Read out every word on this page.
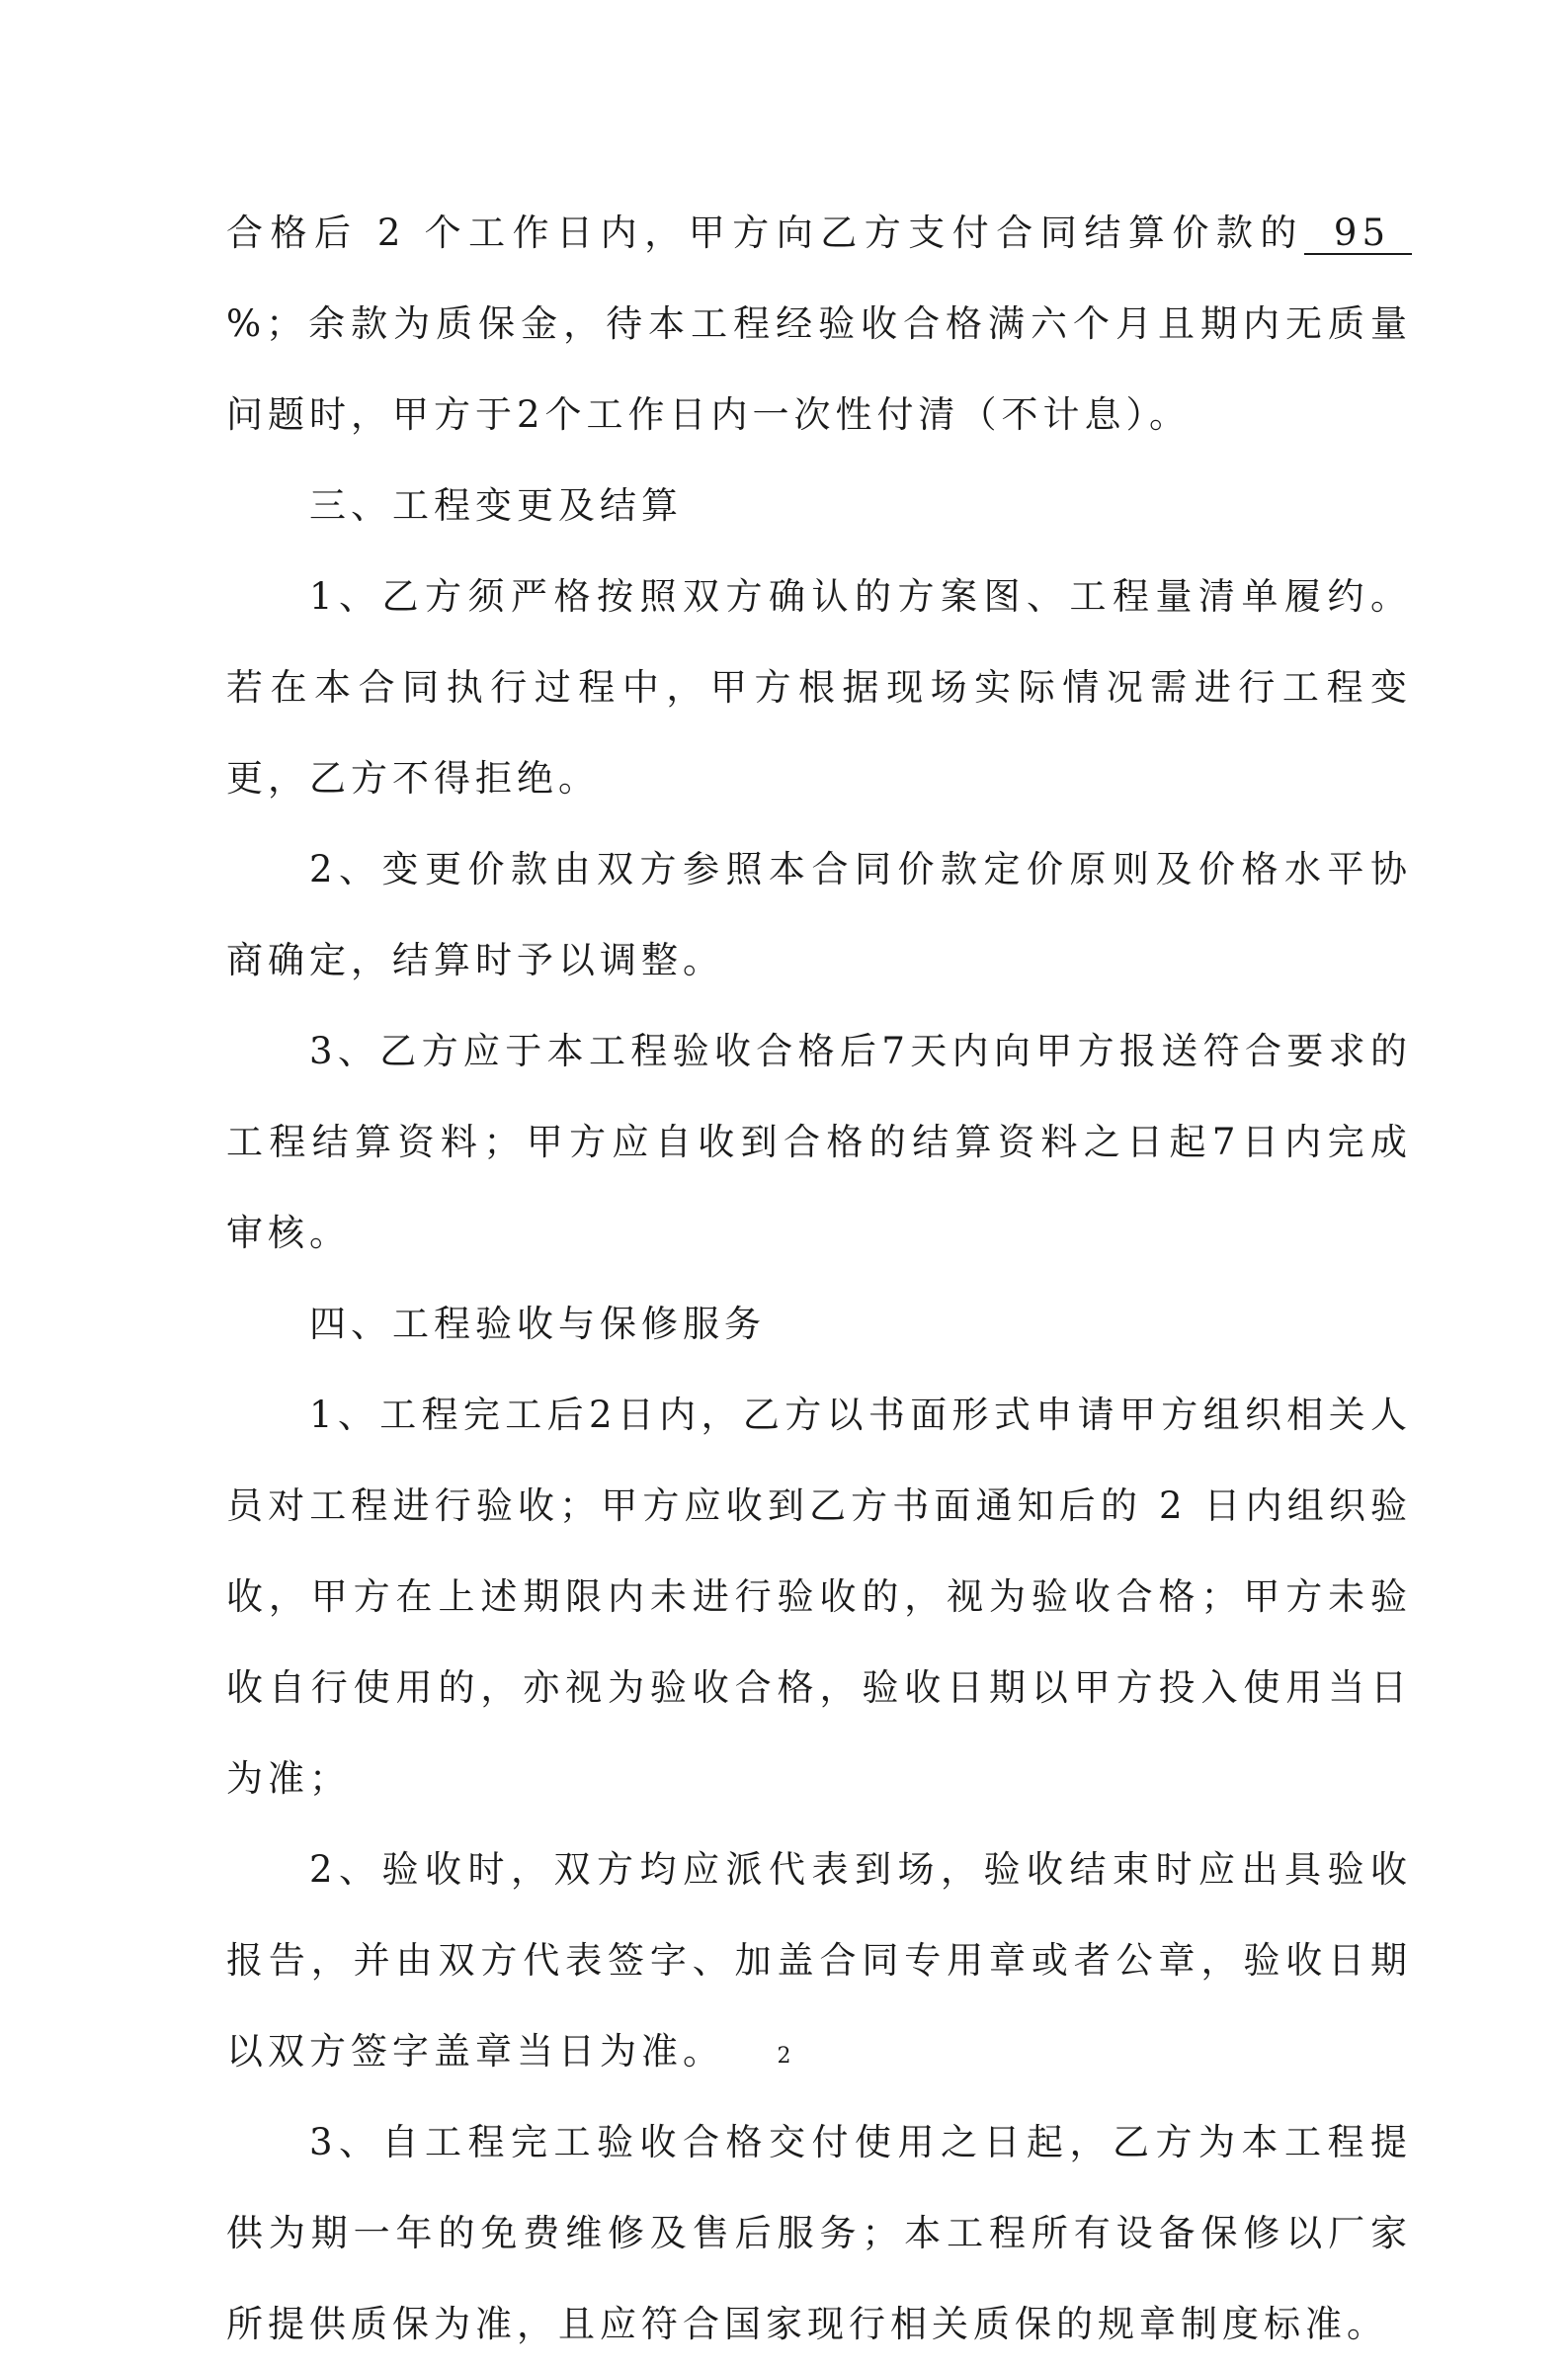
合格后 2 个工作日内，甲方向乙方支付合同结算价款的 95%；余款为质保金，待本工程经验收合格满六个月且期内无质量问题时，甲方于2个工作日内一次性付清（不计息）。

三、工程变更及结算

1、乙方须严格按照双方确认的方案图、工程量清单履约。若在本合同执行过程中，甲方根据现场实际情况需进行工程变更，乙方不得拒绝。

2、变更价款由双方参照本合同价款定价原则及价格水平协商确定，结算时予以调整。

3、乙方应于本工程验收合格后7天内向甲方报送符合要求的工程结算资料；甲方应自收到合格的结算资料之日起7日内完成审核。

四、工程验收与保修服务

1、工程完工后2日内，乙方以书面形式申请甲方组织相关人员对工程进行验收；甲方应收到乙方书面通知后的 2 日内组织验收，甲方在上述期限内未进行验收的，视为验收合格；甲方未验收自行使用的，亦视为验收合格，验收日期以甲方投入使用当日为准；

2、验收时，双方均应派代表到场，验收结束时应出具验收报告，并由双方代表签字、加盖合同专用章或者公章，验收日期以双方签字盖章当日为准。

3、自工程完工验收合格交付使用之日起，乙方为本工程提供为期一年的免费维修及售后服务；本工程所有设备保修以厂家所提供质保为准，且应符合国家现行相关质保的规章制度标准。

2
